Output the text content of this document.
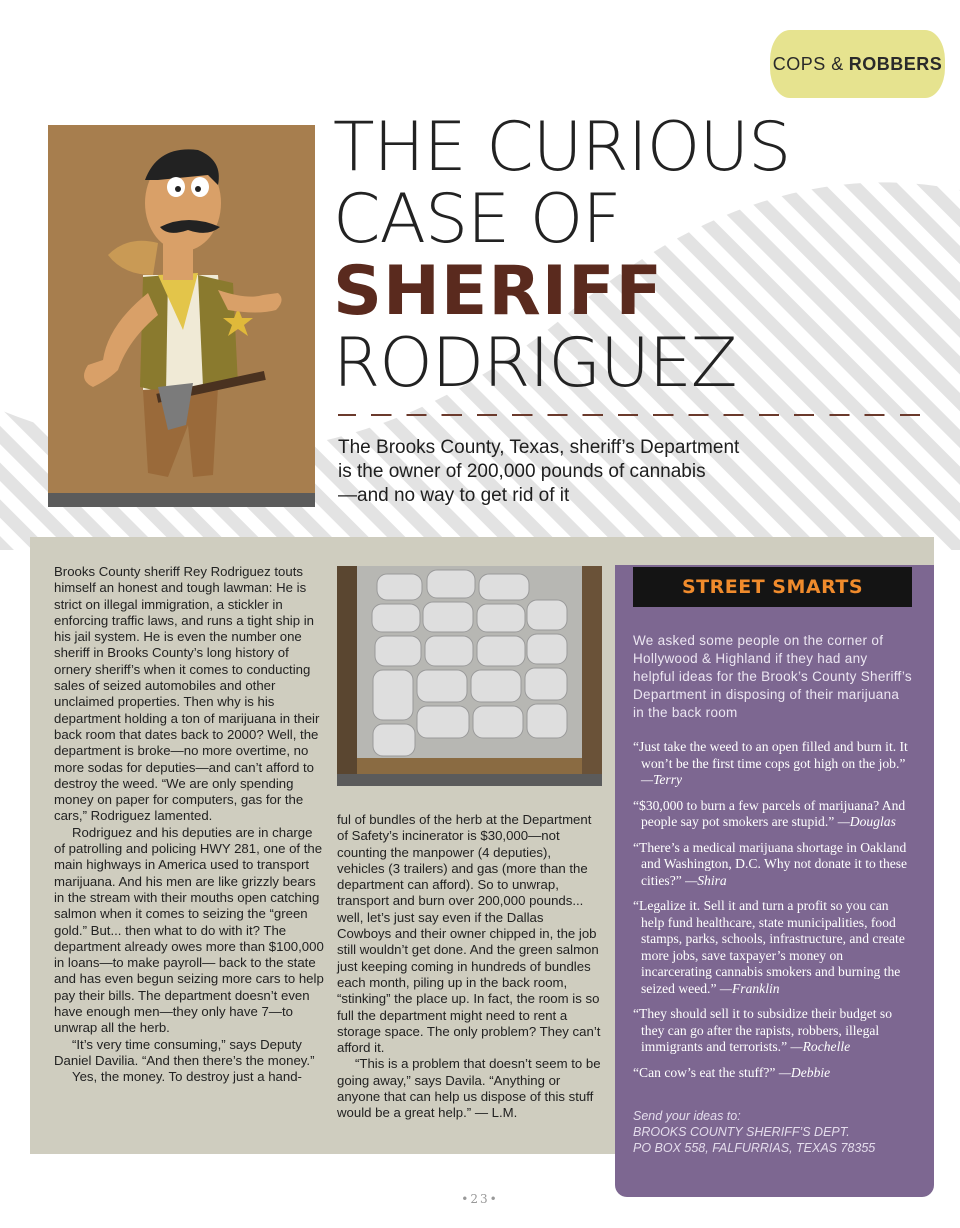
COPS & ROBBERS
THE CURIOUS
CASE OF
SHERIFF
RODRIGUEZ
The Brooks County, Texas, sheriff’s Department
is the owner of 200,000 pounds of cannabis
—and no way to get rid of it

Brooks County sheriff Rey Rodriguez touts himself an honest and tough lawman: He is strict on illegal immigration, a stickler in enforcing traffic laws, and runs a tight ship in his jail system. He is even the number one sheriff in Brooks County’s long history of ornery sheriff’s when it comes to conducting sales of seized automobiles and other unclaimed properties. Then why is his department holding a ton of marijuana in their back room that dates back to 2000? Well, the department is broke—no more overtime, no more sodas for deputies—and can’t afford to destroy the weed. “We are only spending money on paper for computers, gas for the cars,” Rodriguez lamented.

Rodriguez and his deputies are in charge of patrolling and policing HWY 281, one of the main highways in America used to transport marijuana. And his men are like grizzly bears in the stream with their mouths open catching salmon when it comes to seizing the “green gold.” But... then what to do with it? The department already owes more than $100,000 in loans—to make payroll— back to the state and has even begun seizing more cars to help pay their bills. The department doesn’t even have enough men—they only have 7—to unwrap all the herb.

“It’s very time consuming,” says Deputy Daniel Davilia. “And then there’s the money.”

Yes, the money. To destroy just a hand-

ful of bundles of the herb at the Department of Safety’s incinerator is $30,000—not counting the manpower (4 deputies), vehicles (3 trailers) and gas (more than the department can afford). So to unwrap, transport and burn over 200,000 pounds... well, let’s just say even if the Dallas Cowboys and their owner chipped in, the job still wouldn’t get done. And the green salmon just keeping coming in hundreds of bundles each month, piling up in the back room, “stinking” the place up. In fact, the room is so full the department might need to rent a storage space. The only problem? They can’t afford it.

“This is a problem that doesn’t seem to be going away,” says Davila. “Anything or anyone that can help us dispose of this stuff would be a great help.” — L.M.

STREET SMARTS
We asked some people on the corner of Hollywood & Highland if they had any helpful ideas for the Brook’s County Sheriff’s Department in disposing of their marijuana in the back room

“Just take the weed to an open filled and burn it. It won’t be the first time cops got high on the job.” —Terry

“$30,000 to burn a few parcels of marijuana? And people say pot smokers are stupid.” —Douglas

“There’s a medical marijuana shortage in Oakland and Washington, D.C. Why not donate it to these cities?” —Shira

“Legalize it. Sell it and turn a profit so you can help fund healthcare, state municipalities, food stamps, parks, schools, infrastructure, and create more jobs, save taxpayer’s money on incarcerating cannabis smokers and burning the seized weed.” —Franklin

“They should sell it to subsidize their budget so they can go after the rapists, robbers, illegal immigrants and terrorists.” —Rochelle

“Can cow’s eat the stuff?” —Debbie

Send your ideas to:
BROOKS COUNTY SHERIFF’S DEPT.
PO BOX 558, FALFURRIAS, TEXAS 78355
•23•
